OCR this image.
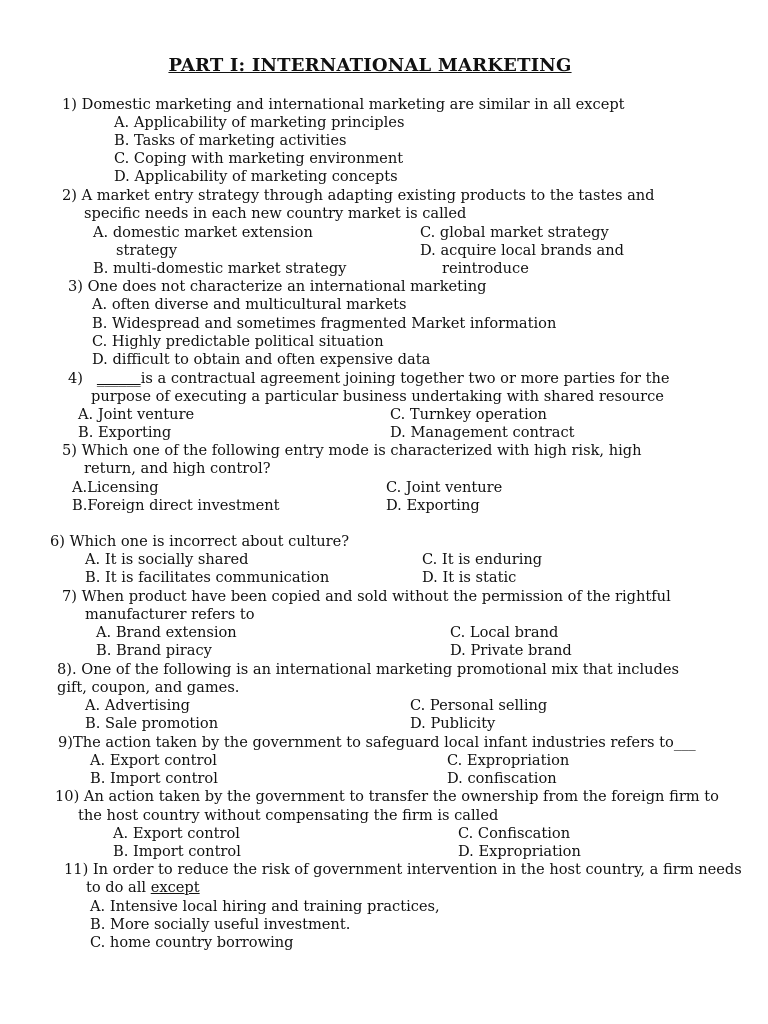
PART I: INTERNATIONAL MARKETING
1) Domestic marketing and international marketing are similar in all except
A. Applicability of marketing principles
B. Tasks of marketing activities
C. Coping with marketing environment
D. Applicability of marketing concepts
2) A market entry strategy through adapting existing products to the tastes and
specific needs in each new country market is called
A. domestic market extension
strategy
B. multi-domestic market strategy
C. global market strategy
D. acquire local brands and
reintroduce
3) One does not characterize an international marketing
A. often diverse and multicultural markets
B. Widespread and sometimes fragmented Market information
C. Highly predictable political situation
D. difficult to obtain and often expensive data
4) ______is a contractual agreement joining together two or more parties for the
purpose of executing a particular business undertaking with shared resource
A. Joint venture
B. Exporting
C. Turnkey operation
D. Management contract
5) Which one of the following entry mode is characterized with high risk, high
return, and high control?
A.Licensing
B.Foreign direct investment
C. Joint venture
D. Exporting
6) Which one is incorrect about culture?
A. It is socially shared
B. It is facilitates communication
C. It is enduring
D. It is static
7) When product have been copied and sold without the permission of the rightful
manufacturer refers to
A. Brand extension
B. Brand piracy
C. Local brand
D. Private brand
8). One of the following is an international marketing promotional mix that includes
gift, coupon, and games.
A. Advertising
B. Sale promotion
C. Personal selling
D. Publicity
9)The action taken by the government to safeguard local infant industries refers to___
A. Export control
B. Import control
C. Expropriation
D. confiscation
10) An action taken by the government to transfer the ownership from the foreign firm to
the host country without compensating the firm is called
A. Export control
B. Import control
C. Confiscation
D. Expropriation
11) In order to reduce the risk of government intervention in the host country, a firm needs
to do all except
A. Intensive local hiring and training practices,
B. More socially useful investment.
C. home country borrowing
